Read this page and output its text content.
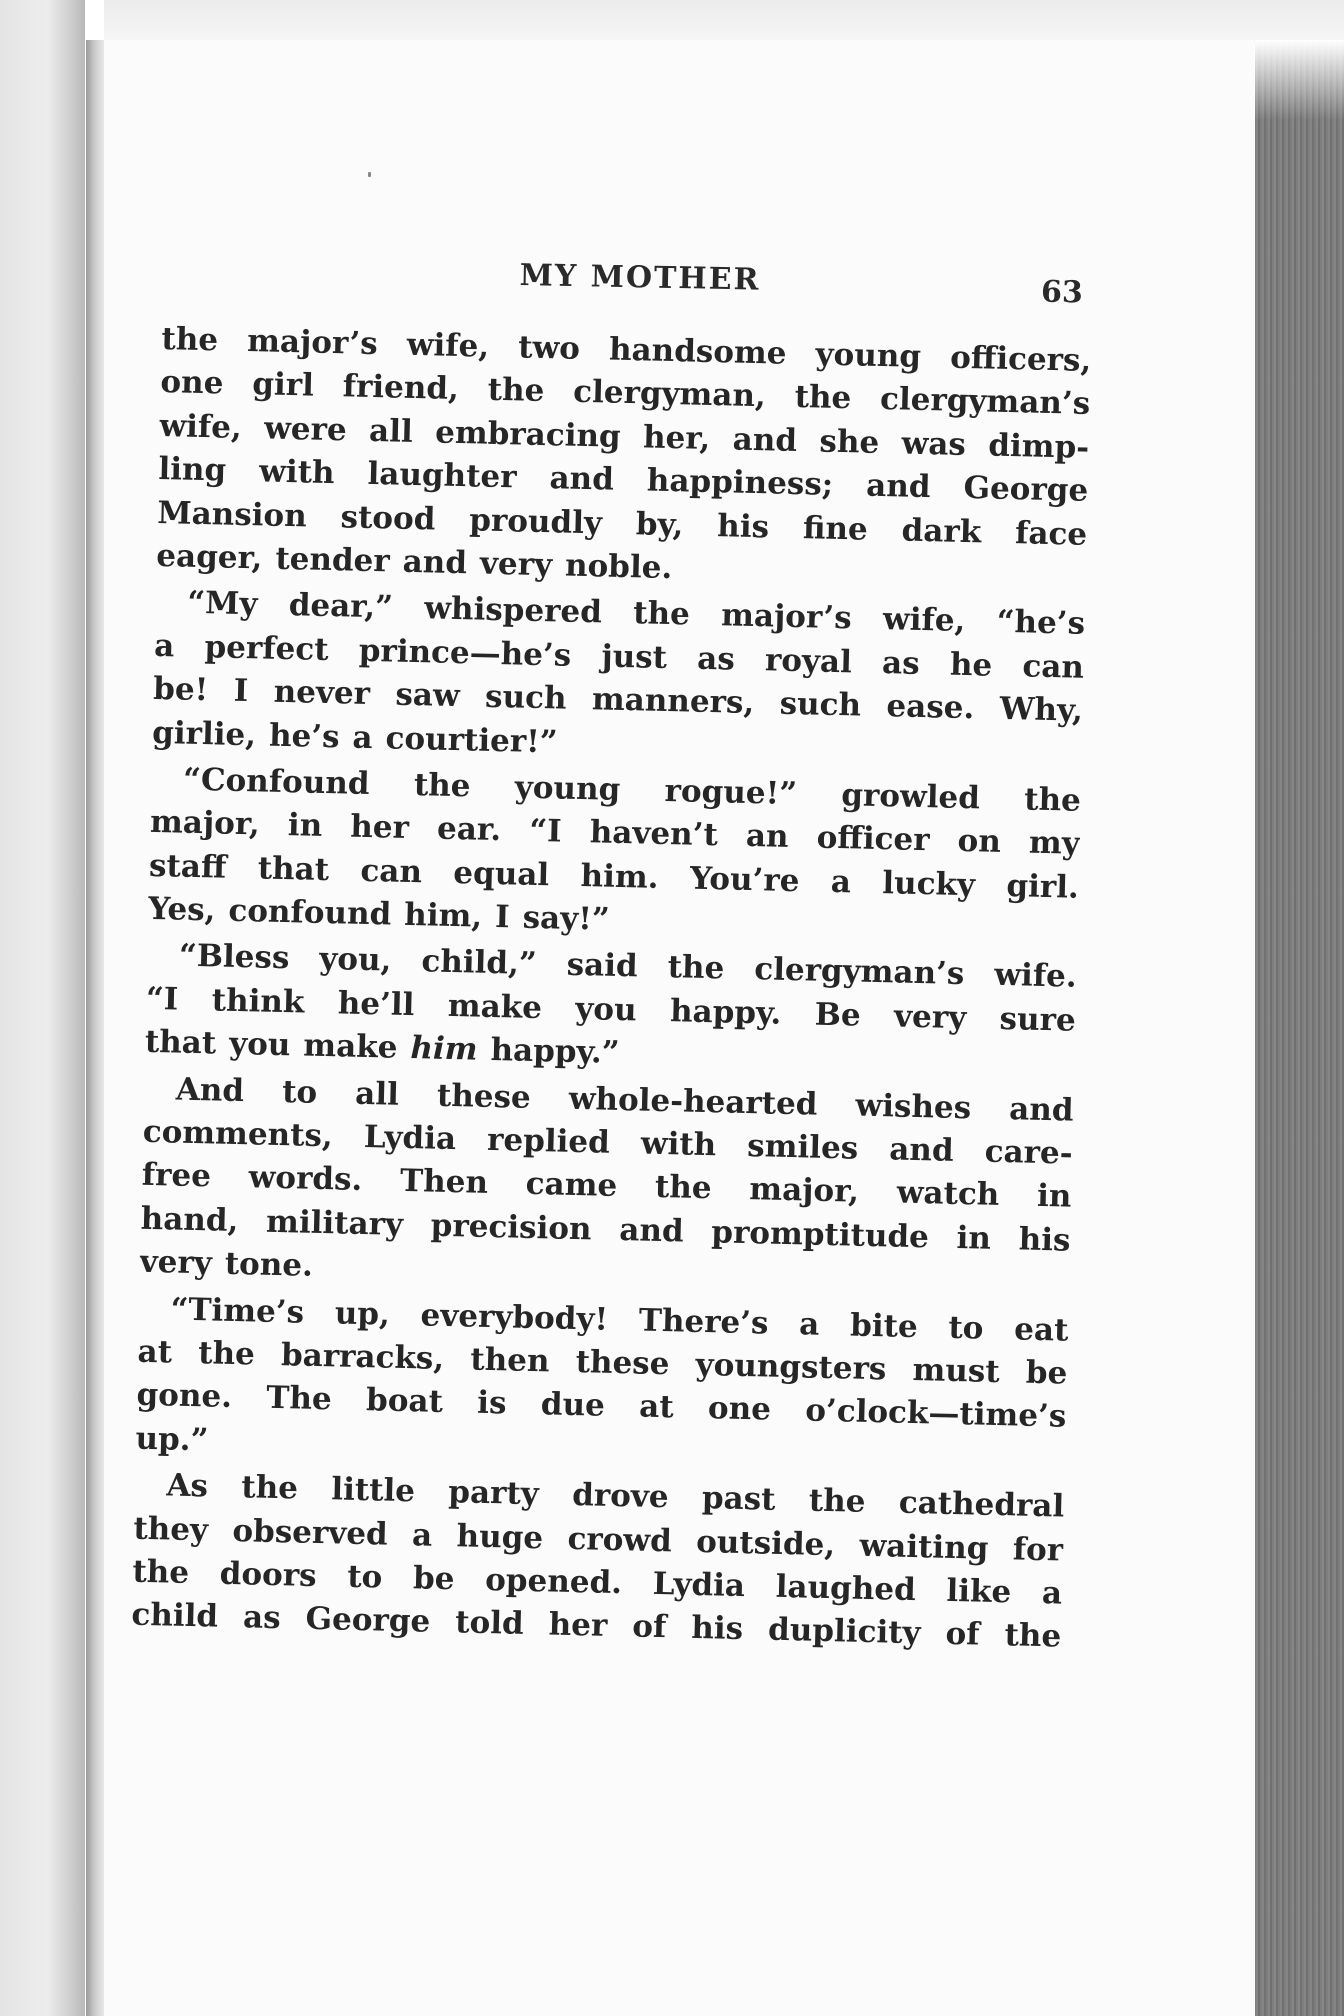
MY MOTHER	63
the major’s wife, two handsome young officers,
one girl friend, the clergyman, the clergyman’s
wife, were all embracing her, and she was dimp-
ling with laughter and happiness; and George
Mansion stood proudly by, his fine dark face
eager, tender and very noble.
“My dear,” whispered the major’s wife, “he’s
a perfect prince—he’s just as royal as he can
be! I never saw such manners, such ease. Why,
girlie, he’s a courtier!”
“Confound the young rogue!” growled the
major, in her ear. “I haven’t an officer on my
staff that can equal him. You’re a lucky girl.
Yes, confound him, I say!”
“Bless you, child,” said the clergyman’s wife.
“I think he’ll make you happy. Be very sure
that you make him happy.”
And to all these whole-hearted wishes and
comments, Lydia replied with smiles and care-
free words. Then came the major, watch in
hand, military precision and promptitude in his
very tone.
“Time’s up, everybody! There’s a bite to eat
at the barracks, then these youngsters must be
gone. The boat is due at one o’clock—time’s
up.”
As the little party drove past the cathedral
they observed a huge crowd outside, waiting for
the doors to be opened. Lydia laughed like a
child as George told her of his duplicity of the
